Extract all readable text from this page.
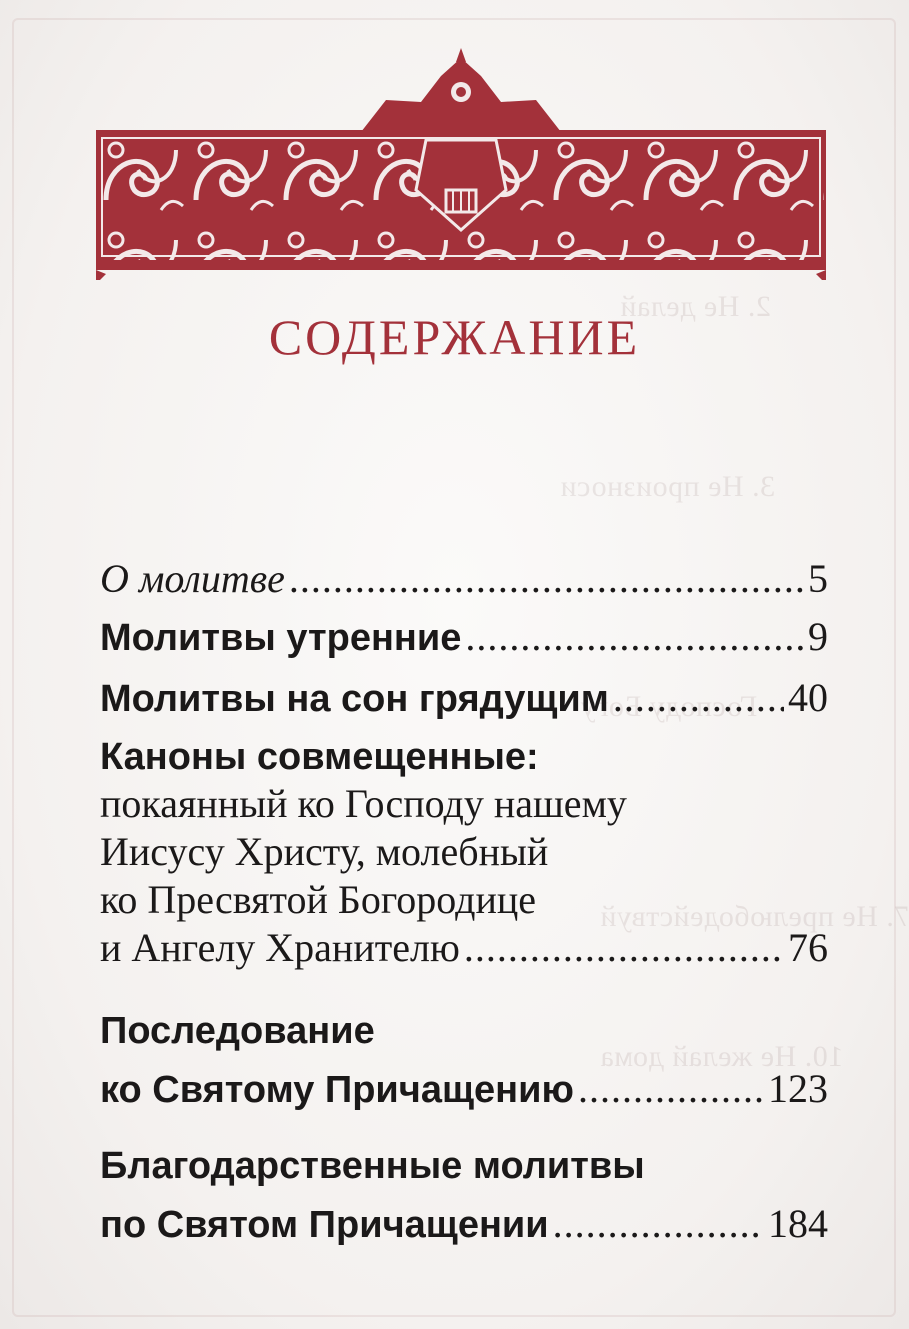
СОДЕРЖАНИЕ
О молитве .....	5
Молитвы утренние .....	9
Молитвы на сон грядущим .....	40
Каноны совмещенные:
покаянный ко Господу нашему
Иисусу Христу, молебный
ко Пресвятой Богородице
и Ангелу Хранителю .....	76
Последование
ко Святому Причащению .....	123
Благодарственные молитвы
по Святом Причащении .....	184
